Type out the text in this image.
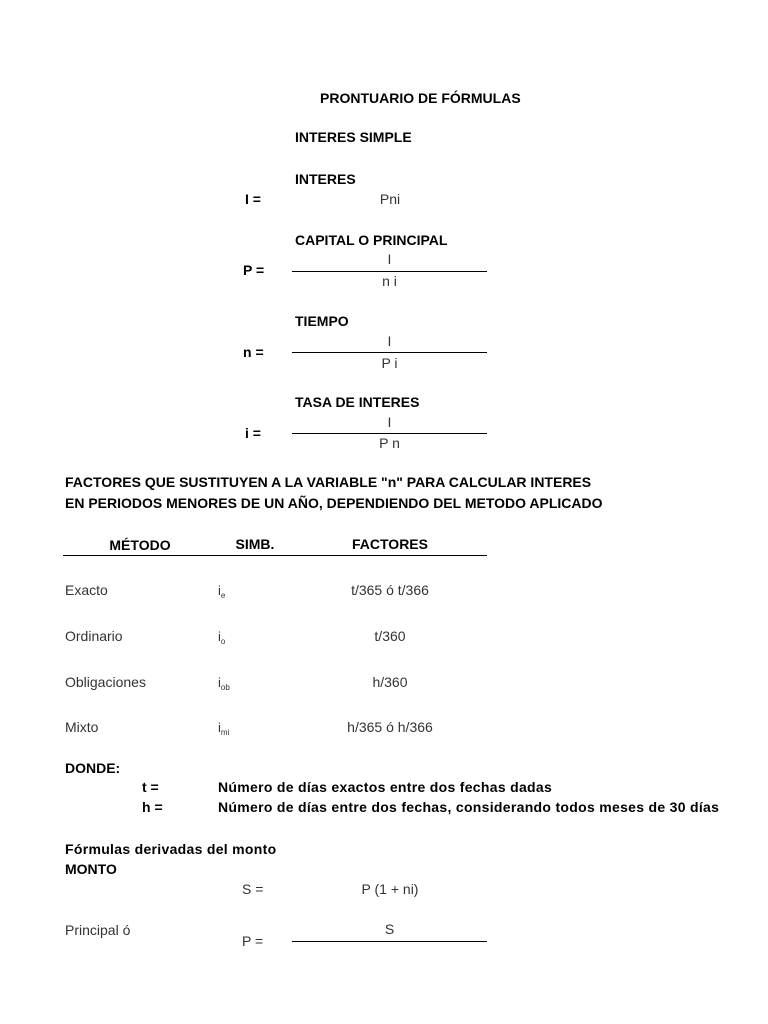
PRONTUARIO DE FÓRMULAS
INTERES SIMPLE
INTERES
I =	Pni
CAPITAL O PRINCIPAL
I
P =
n i
TIEMPO
I
n =
P i
TASA DE INTERES
I
i =
P n
FACTORES QUE SUSTITUYEN A LA VARIABLE "n" PARA CALCULAR INTERES
EN PERIODOS MENORES DE UN AÑO, DEPENDIENDO DEL METODO APLICADO
MÉTODO	SIMB.	FACTORES
Exacto	$i_e$	t/365 ó t/366
Ordinario	$i_o$	t/360
Obligaciones	$i_{ob}$	h/360
Mixto	$i_{mi}$	h/365 ó h/366
DONDE:
t =	Número de días exactos entre dos fechas dadas
h =	Número de días entre dos fechas, considerando todos meses de 30 días
Fórmulas derivadas del monto
MONTO
S =	P (1 + ni)
Principal ó	S
P =
